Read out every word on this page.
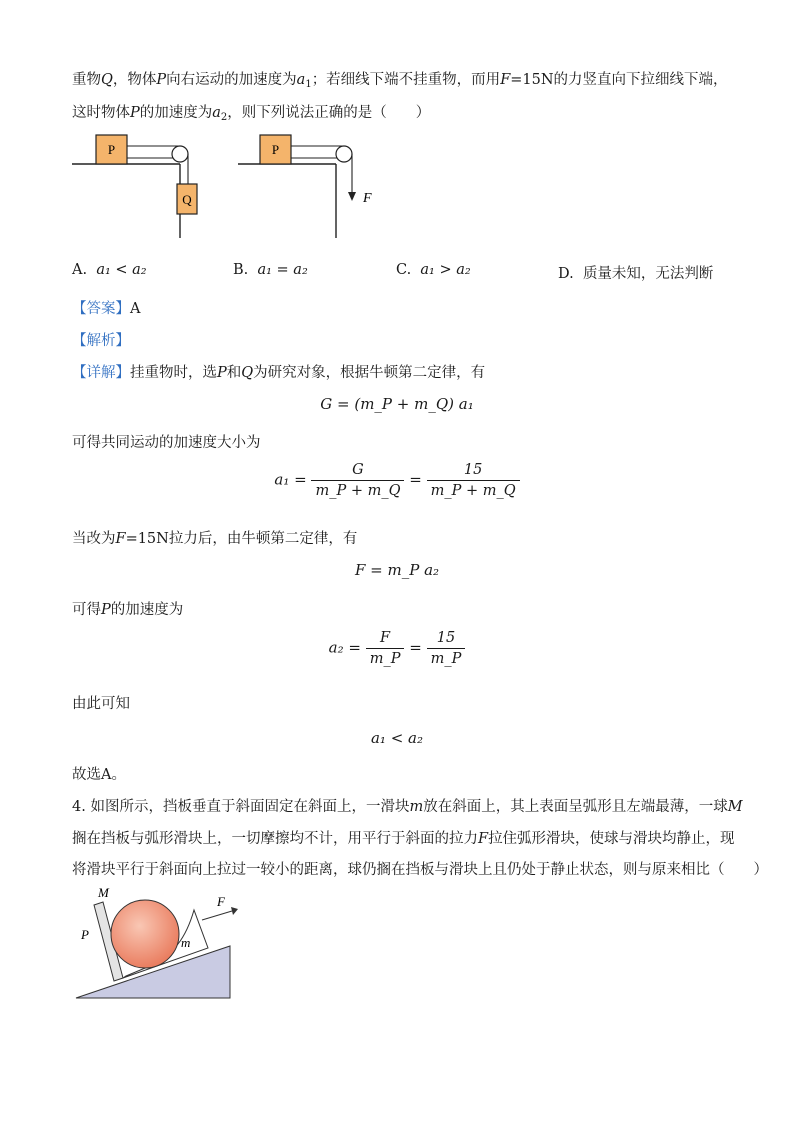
重物Q，物体P向右运动的加速度为$a_1$；若细线下端不挂重物，而用F=15N的力竖直向下拉细线下端，
这时物体P的加速度为$a_2$，则下列说法正确的是（　　）
P
Q
P
F
A. a₁ < a₂	B. a₁ = a₂	C. a₁ > a₂	D. 质量未知，无法判断
【答案】A
【解析】
【详解】挂重物时，选P和Q为研究对象，根据牛顿第二定律，有
G = (m_P + m_Q) a₁
可得共同运动的加速度大小为
$a_1 = \frac{G}{m\_P + m\_Q} = \frac{15}{m\_P + m\_Q}$
当改为F=15N拉力后，由牛顿第二定律，有
F = m_P a₂
可得P的加速度为
$a_2 = \frac{F}{m\_P} = \frac{15}{m\_P}$
由此可知
a₁ < a₂
故选A。
4. 如图所示，挡板垂直于斜面固定在斜面上，一滑块m放在斜面上，其上表面呈弧形且左端最薄，一球M
搁在挡板与弧形滑块上，一切摩擦均不计，用平行于斜面的拉力F拉住弧形滑块，使球与滑块均静止，现
将滑块平行于斜面向上拉过一较小的距离，球仍搁在挡板与滑块上且仍处于静止状态，则与原来相比（　　）
M
P
m
F
